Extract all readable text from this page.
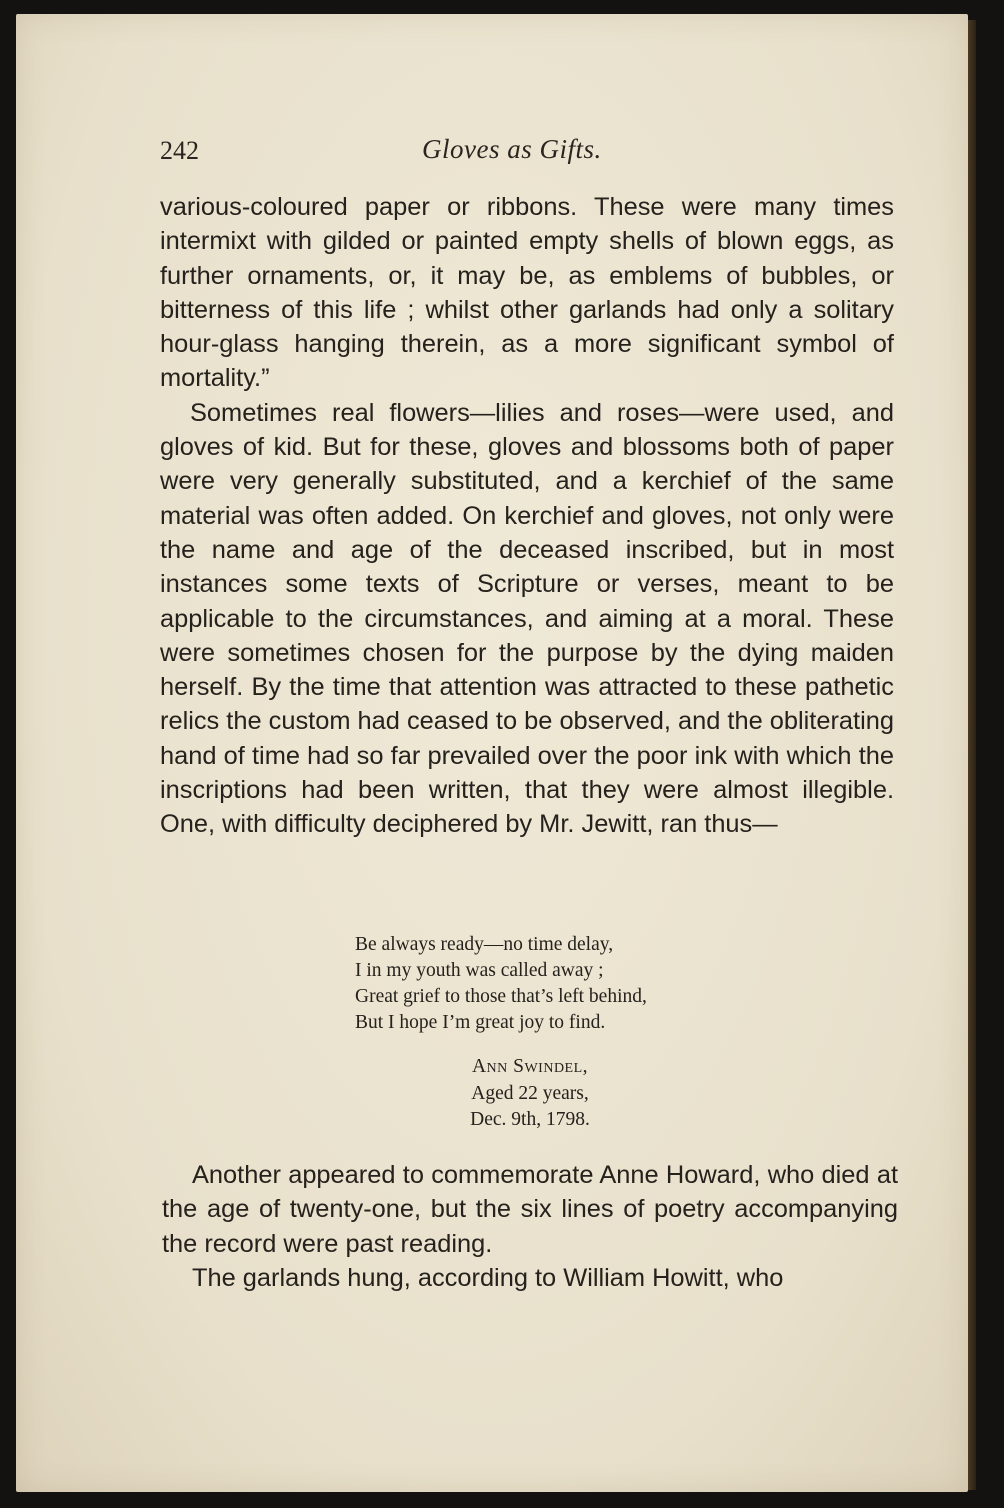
242	Gloves as Gifts.

various-coloured paper or ribbons. These were many times intermixt with gilded or painted empty shells of blown eggs, as further ornaments, or, it may be, as emblems of bubbles, or bitterness of this life ; whilst other garlands had only a solitary hour-glass hanging therein, as a more significant symbol of mortality.”

Sometimes real flowers—lilies and roses—were used, and gloves of kid. But for these, gloves and blossoms both of paper were very generally substituted, and a kerchief of the same material was often added. On kerchief and gloves, not only were the name and age of the deceased inscribed, but in most instances some texts of Scripture or verses, meant to be applicable to the circumstances, and aiming at a moral. These were sometimes chosen for the purpose by the dying maiden herself. By the time that attention was attracted to these pathetic relics the custom had ceased to be observed, and the obliterating hand of time had so far prevailed over the poor ink with which the inscriptions had been written, that they were almost illegible. One, with difficulty deciphered by Mr. Jewitt, ran thus—

Be always ready—no time delay,
I in my youth was called away ;
Great grief to those that’s left behind,
But I hope I’m great joy to find.
Ann Swindel,
Aged 22 years,
Dec. 9th, 1798.

Another appeared to commemorate Anne Howard, who died at the age of twenty-one, but the six lines of poetry accompanying the record were past reading.

The garlands hung, according to William Howitt, who
